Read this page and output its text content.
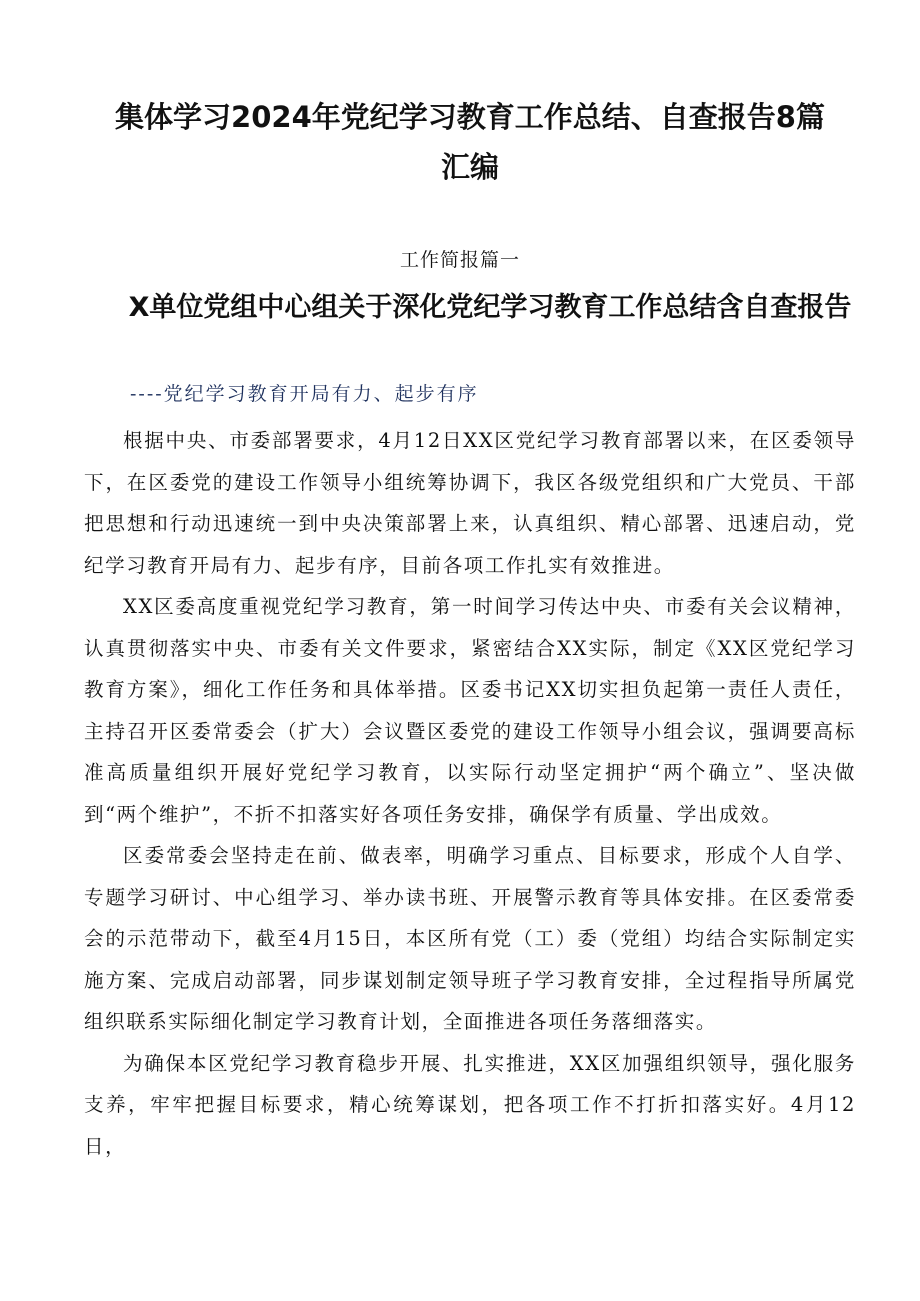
集体学习2024年党纪学习教育工作总结、自查报告8篇汇编
工作简报篇一
X单位党组中心组关于深化党纪学习教育工作总结含自查报告
----党纪学习教育开局有力、起步有序

根据中央、市委部署要求，4月12日XX区党纪学习教育部署以来，在区委领导下，在区委党的建设工作领导小组统筹协调下，我区各级党组织和广大党员、干部把思想和行动迅速统一到中央决策部署上来，认真组织、精心部署、迅速启动，党纪学习教育开局有力、起步有序，目前各项工作扎实有效推进。

XX区委高度重视党纪学习教育，第一时间学习传达中央、市委有关会议精神，认真贯彻落实中央、市委有关文件要求，紧密结合XX实际，制定《XX区党纪学习教育方案》，细化工作任务和具体举措。区委书记XX切实担负起第一责任人责任，主持召开区委常委会（扩大）会议暨区委党的建设工作领导小组会议，强调要高标准高质量组织开展好党纪学习教育，以实际行动坚定拥护“两个确立”、坚决做到“两个维护”，不折不扣落实好各项任务安排，确保学有质量、学出成效。

区委常委会坚持走在前、做表率，明确学习重点、目标要求，形成个人自学、专题学习研讨、中心组学习、举办读书班、开展警示教育等具体安排。在区委常委会的示范带动下，截至4月15日，本区所有党（工）委（党组）均结合实际制定实施方案、完成启动部署，同步谋划制定领导班子学习教育安排，全过程指导所属党组织联系实际细化制定学习教育计划，全面推进各项任务落细落实。

为确保本区党纪学习教育稳步开展、扎实推进，XX区加强组织领导，强化服务支养，牢牢把握目标要求，精心统筹谋划，把各项工作不打折扣落实好。4月12日，
